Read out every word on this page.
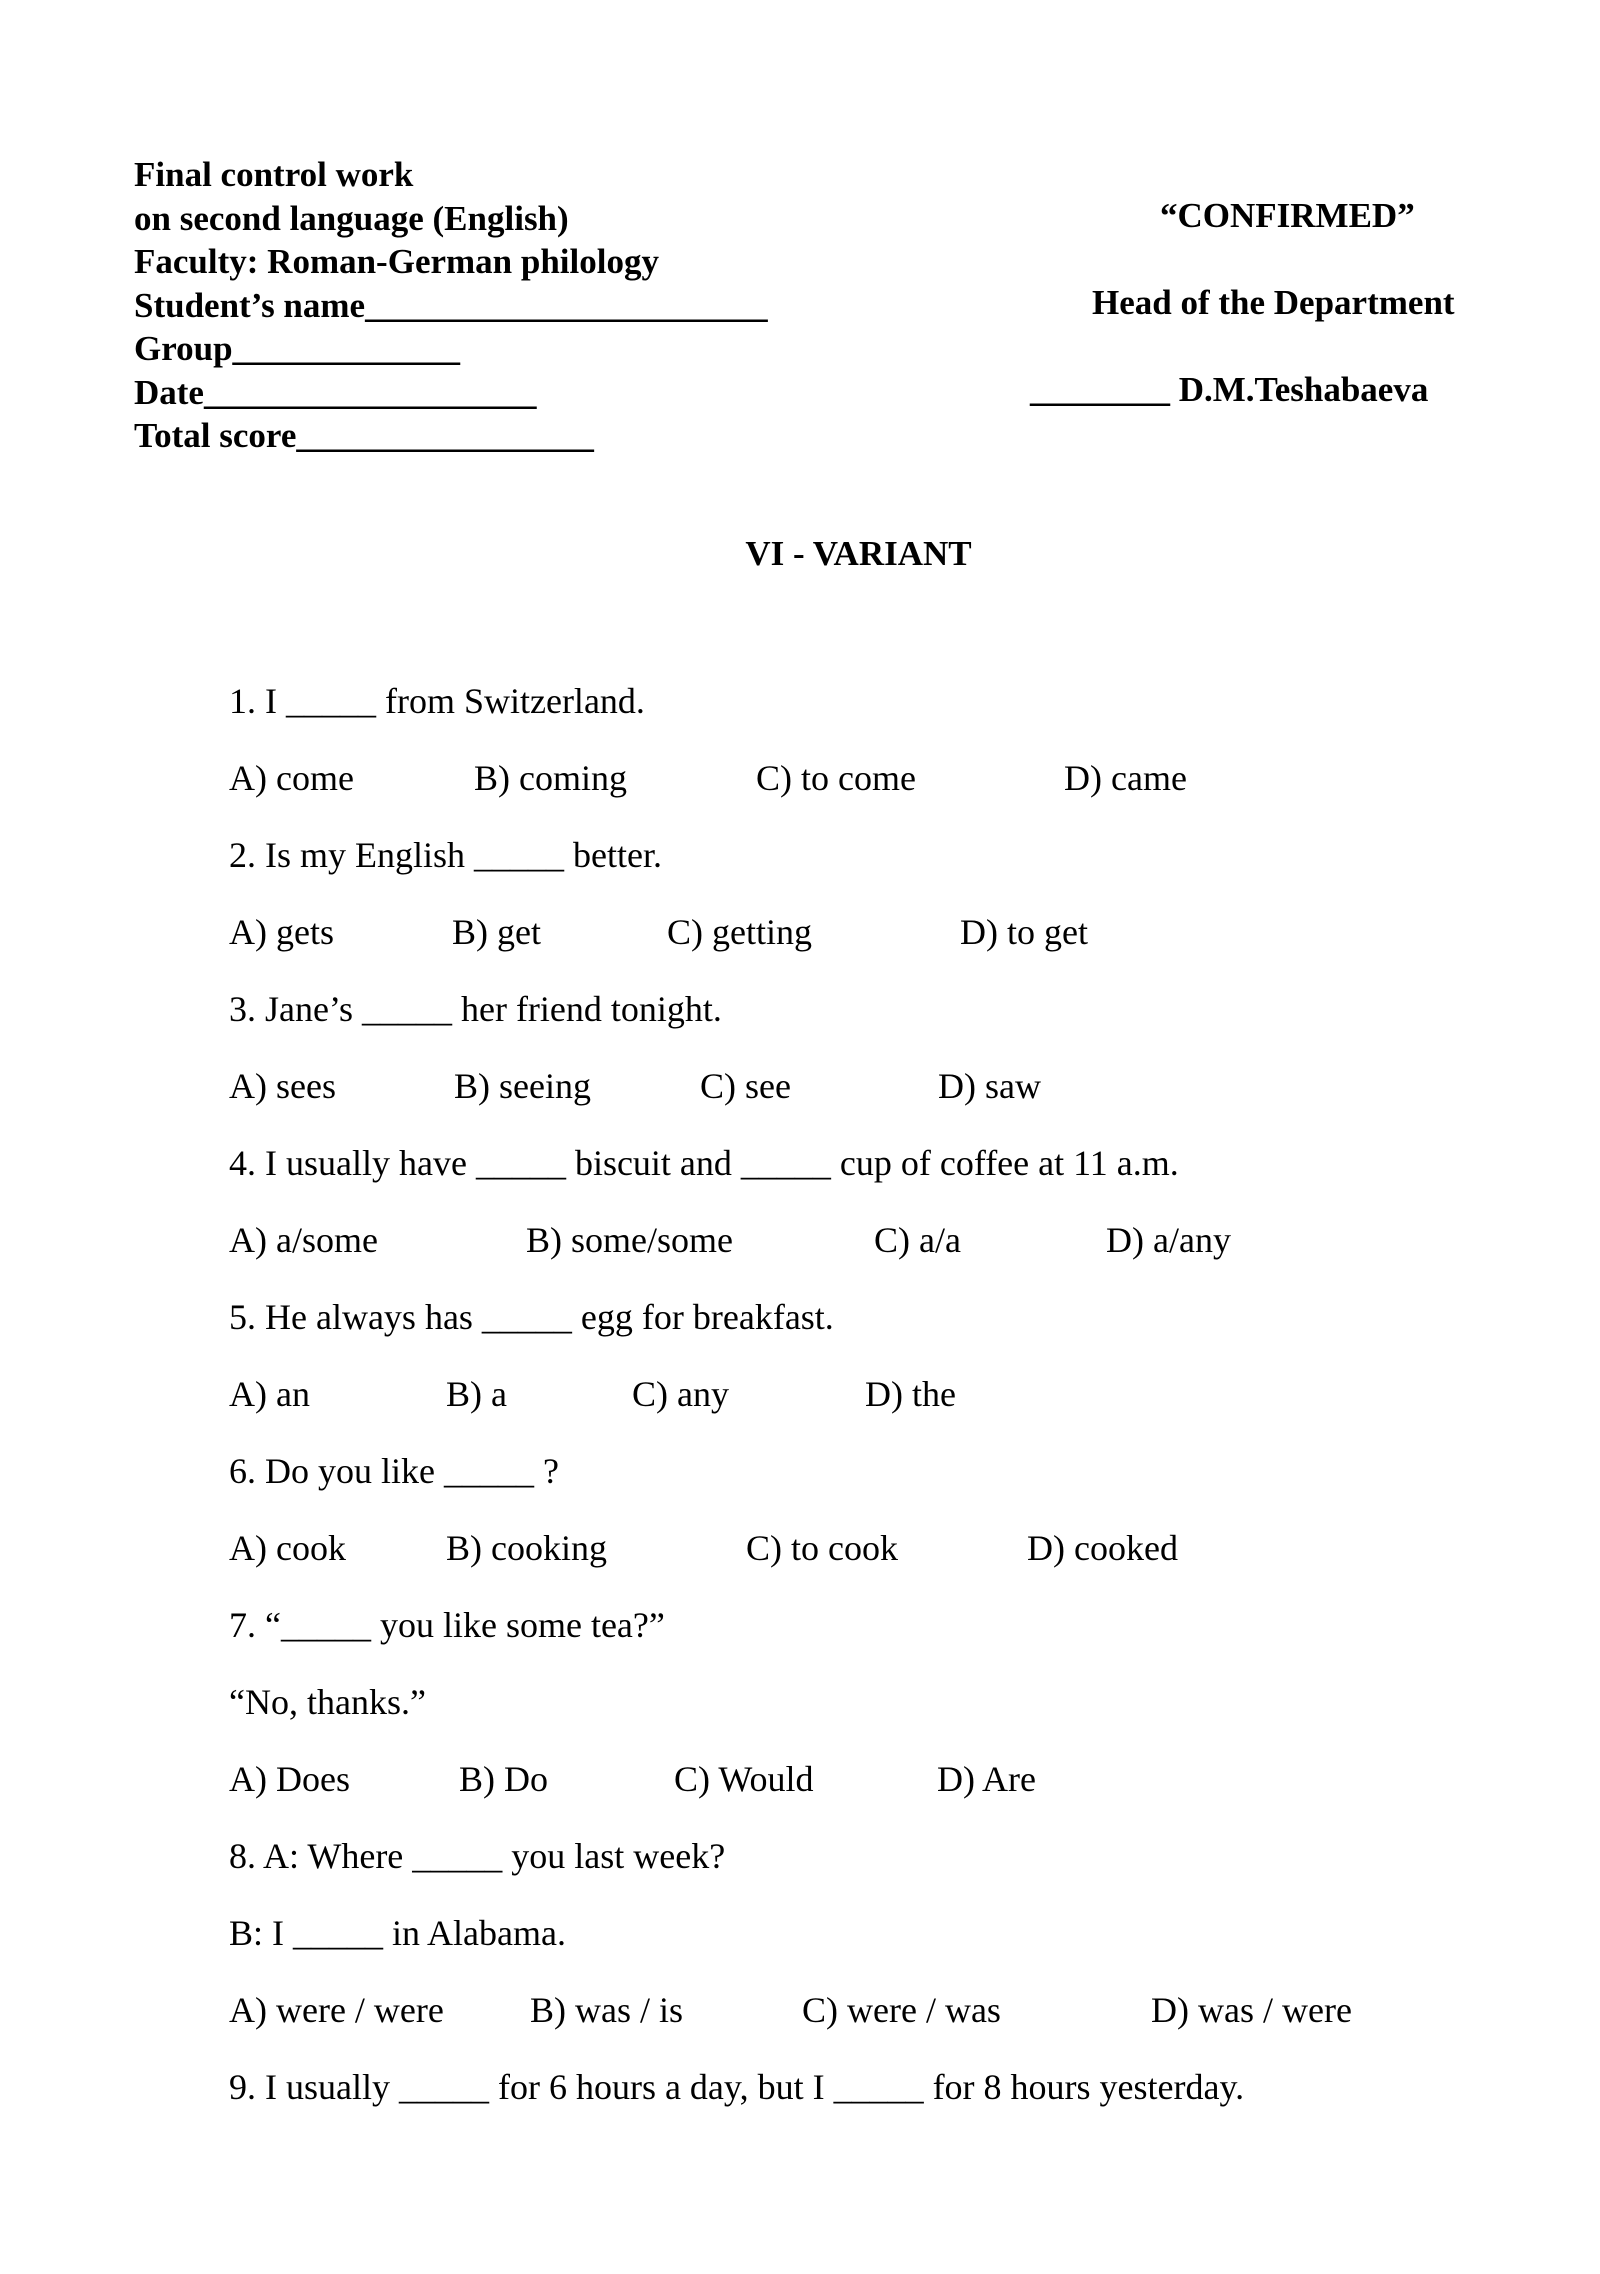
Final control work
on second language (English)
Faculty: Roman-German philology
Student’s name_______________________
Group_____________
Date___________________
Total score_________________
“CONFIRMED”
Head of the Department
________ D.M.Teshabaeva
VI - VARIANT
1. I _____ from Switzerland.

A) come

	B) coming

	C) to come

	D) came

2. Is my English _____ better.

A) gets

	B) get

	C) getting

	D) to get

3. Jane’s _____ her friend tonight.

A) sees

	B) seeing

	C) see

	D) saw

4. I usually have _____ biscuit and _____ cup of coffee at 11 a.m.

A) a/some

	B) some/some

	C) a/a

	D) a/any

5. He always has _____ egg for breakfast.

A) an

	B) a

	C) any

	D) the

6. Do you like _____ ?

A) cook

	B) cooking

	C) to cook

	D) cooked

7. “_____ you like some tea?”
“No, thanks.”

A) Does

	B) Do

	C) Would

	D) Are

8. A: Where _____ you last week?
B: I _____ in Alabama.

A) were / were

B) was / is

	C) were / was

	D) was / were

9. I usually _____ for 6 hours a day, but I _____ for 8 hours yesterday.
